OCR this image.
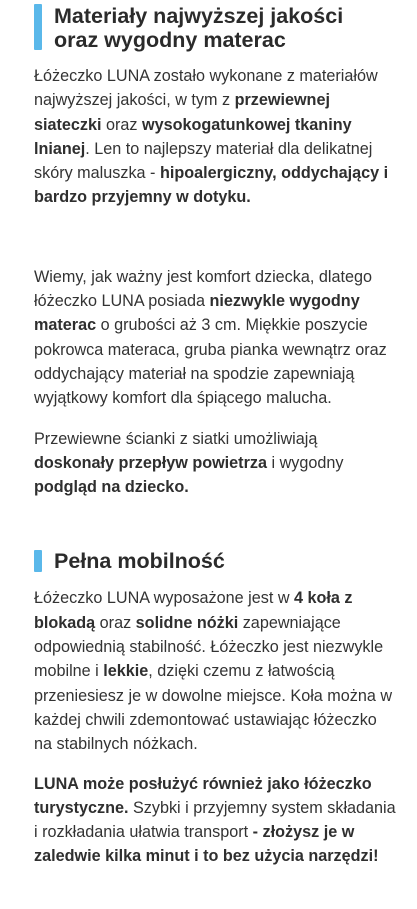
Materiały najwyższej jakości
oraz wygodny materac

Łóżeczko LUNA zostało wykonane z materiałów najwyższej jakości, w tym z przewiewnej siateczki oraz wysokogatunkowej tkaniny lnianej. Len to najlepszy materiał dla delikatnej skóry maluszka - hipoalergiczny, oddychający i bardzo przyjemny w dotyku.

Wiemy, jak ważny jest komfort dziecka, dlatego łóżeczko LUNA posiada niezwykle wygodny materac o grubości aż 3 cm. Miękkie poszycie pokrowca materaca, gruba pianka wewnątrz oraz oddychający materiał na spodzie zapewniają wyjątkowy komfort dla śpiącego malucha.

Przewiewne ścianki z siatki umożliwiają doskonały przepływ powietrza i wygodny podgląd na dziecko.

Pełna mobilność

Łóżeczko LUNA wyposażone jest w 4 koła z blokadą oraz solidne nóżki zapewniające odpowiednią stabilność. Łóżeczko jest niezwykle mobilne i lekkie, dzięki czemu z łatwością przeniesiesz je w dowolne miejsce. Koła można w każdej chwili zdemontować ustawiając łóżeczko na stabilnych nóżkach.

LUNA może posłużyć również jako łóżeczko turystyczne. Szybki i przyjemny system składania i rozkładania ułatwia transport - złożysz je w zaledwie kilka minut i to bez użycia narzędzi!
